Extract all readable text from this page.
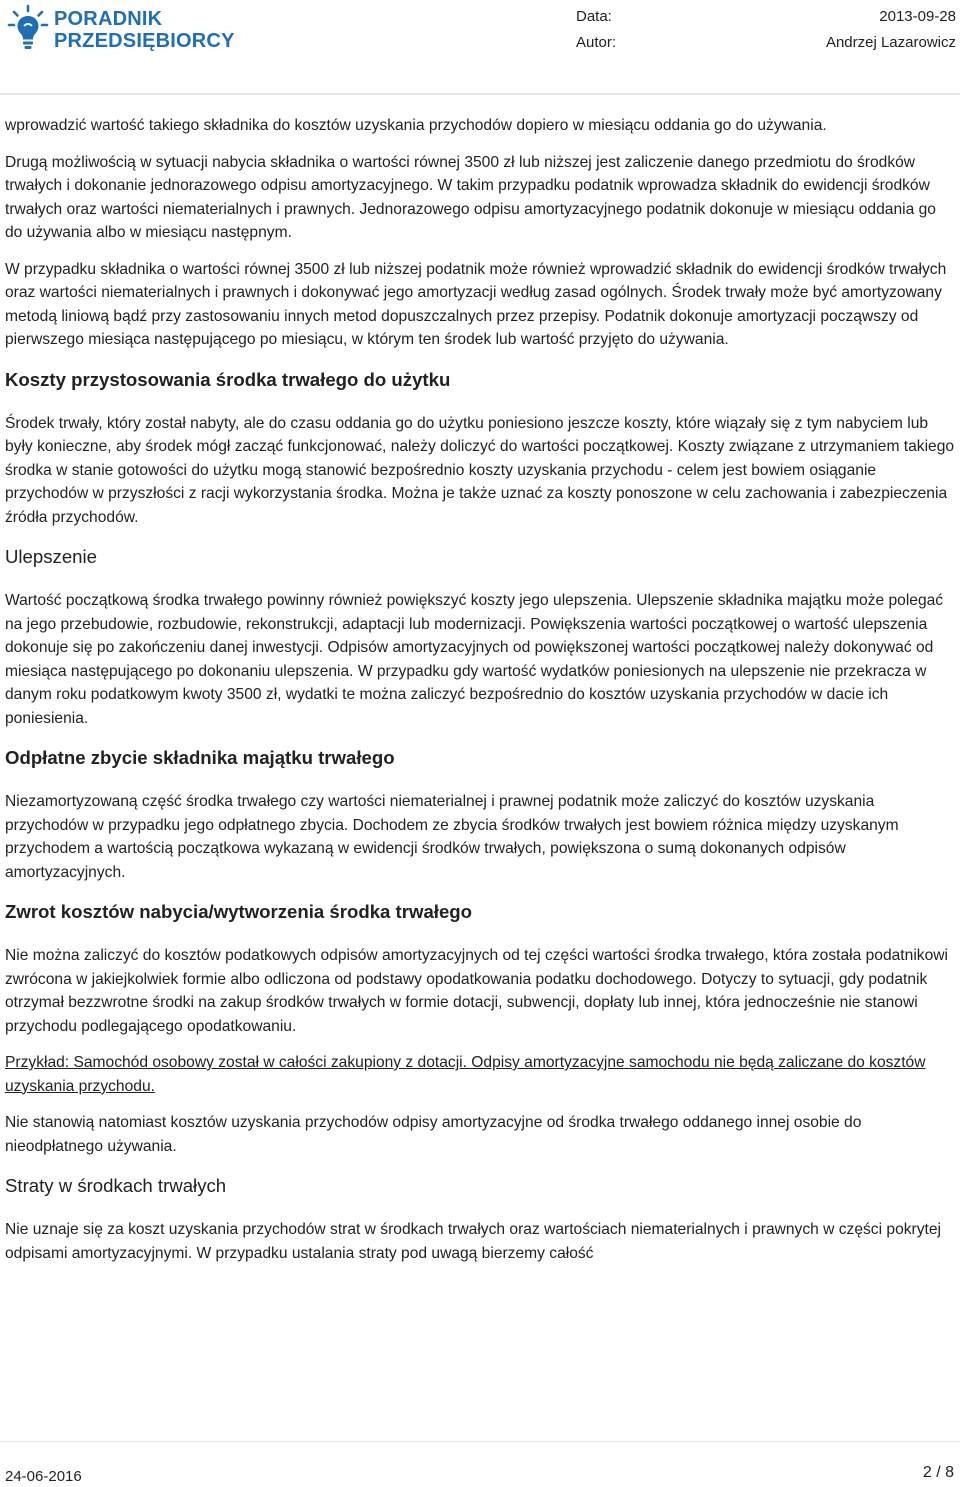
PORADNIK
PRZEDSIĘBIORCY
Data:	2013-09-28
Autor:	Andrzej Lazarowicz

wprowadzić wartość takiego składnika do kosztów uzyskania przychodów dopiero w miesiącu oddania go do używania.

Drugą możliwością w sytuacji nabycia składnika o wartości równej 3500 zł lub niższej jest zaliczenie danego przedmiotu do środków trwałych i dokonanie jednorazowego odpisu amortyzacyjnego. W takim przypadku podatnik wprowadza składnik do ewidencji środków trwałych oraz wartości niematerialnych i prawnych. Jednorazowego odpisu amortyzacyjnego podatnik dokonuje w miesiącu oddania go do używania albo w miesiącu następnym.

W przypadku składnika o wartości równej 3500 zł lub niższej podatnik może również wprowadzić składnik do ewidencji środków trwałych oraz wartości niematerialnych i prawnych i dokonywać jego amortyzacji według zasad ogólnych. Środek trwały może być amortyzowany metodą liniową bądź przy zastosowaniu innych metod dopuszczalnych przez przepisy. Podatnik dokonuje amortyzacji począwszy od pierwszego miesiąca następującego po miesiącu, w którym ten środek lub wartość przyjęto do używania.

Koszty przystosowania środka trwałego do użytku

Środek trwały, który został nabyty, ale do czasu oddania go do użytku poniesiono jeszcze koszty, które wiązały się z tym nabyciem lub były konieczne, aby środek mógł zacząć funkcjonować, należy doliczyć do wartości początkowej. Koszty związane z utrzymaniem takiego środka w stanie gotowości do użytku mogą stanowić bezpośrednio koszty uzyskania przychodu - celem jest bowiem osiąganie przychodów w przyszłości z racji wykorzystania środka. Można je także uznać za koszty ponoszone w celu zachowania i zabezpieczenia źródła przychodów.

Ulepszenie

Wartość początkową środka trwałego powinny również powiększyć koszty jego ulepszenia. Ulepszenie składnika majątku może polegać na jego przebudowie, rozbudowie, rekonstrukcji, adaptacji lub modernizacji. Powiększenia wartości początkowej o wartość ulepszenia dokonuje się po zakończeniu danej inwestycji. Odpisów amortyzacyjnych od powiększonej wartości początkowej należy dokonywać od miesiąca następującego po dokonaniu ulepszenia. W przypadku gdy wartość wydatków poniesionych na ulepszenie nie przekracza w danym roku podatkowym kwoty 3500 zł, wydatki te można zaliczyć bezpośrednio do kosztów uzyskania przychodów w dacie ich poniesienia.

Odpłatne zbycie składnika majątku trwałego

Niezamortyzowaną część środka trwałego czy wartości niematerialnej i prawnej podatnik może zaliczyć do kosztów uzyskania przychodów w przypadku jego odpłatnego zbycia. Dochodem ze zbycia środków trwałych jest bowiem różnica między uzyskanym przychodem a wartością początkowa wykazaną w ewidencji środków trwałych, powiększona o sumą dokonanych odpisów amortyzacyjnych.

Zwrot kosztów nabycia/wytworzenia środka trwałego

Nie można zaliczyć do kosztów podatkowych odpisów amortyzacyjnych od tej części wartości środka trwałego, która została podatnikowi zwrócona w jakiejkolwiek formie albo odliczona od podstawy opodatkowania podatku dochodowego. Dotyczy to sytuacji, gdy podatnik otrzymał bezzwrotne środki na zakup środków trwałych w formie dotacji, subwencji, dopłaty lub innej, która jednocześnie nie stanowi przychodu podlegającego opodatkowaniu.

Przykład: Samochód osobowy został w całości zakupiony z dotacji. Odpisy amortyzacyjne samochodu nie będą zaliczane do kosztów uzyskania przychodu.

Nie stanowią natomiast kosztów uzyskania przychodów odpisy amortyzacyjne od środka trwałego oddanego innej osobie do nieodpłatnego używania.

Straty w środkach trwałych

Nie uznaje się za koszt uzyskania przychodów strat w środkach trwałych oraz wartościach niematerialnych i prawnych w części pokrytej odpisami amortyzacyjnymi. W przypadku ustalania straty pod uwagą bierzemy całość

24-06-2016	2 / 8
